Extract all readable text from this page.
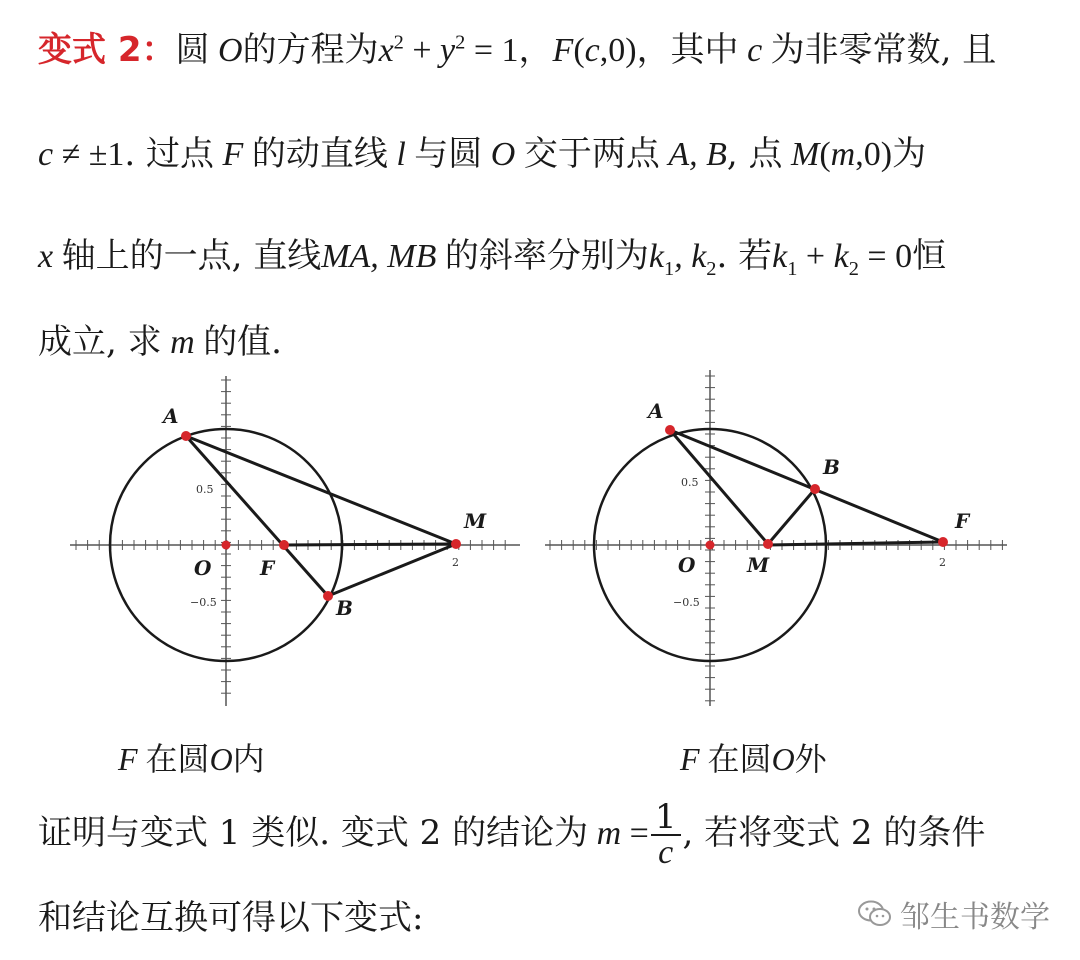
变式 2：圆 O的方程为$x^2 + y^2 = 1$，F(c,0)，其中 c 为非零常数, 且
c ≠ ±1. 过点 F 的动直线 l 与圆 O 交于两点 A, B, 点 M(m,0)为
x 轴上的一点, 直线MA, MB 的斜率分别为$k_1$, $k_2$. 若$k_1 + k_2 = 0$恒
成立, 求 m 的值.
A
B
F
M
O
0.5
−0.5
2
A
B
F
M
O
0.5
−0.5
2
F 在圆O内	F 在圆O外
证明与变式 1 类似. 变式 2 的结论为 $m = \frac{1}{c}$ , 若将变式 2 的条件
和结论互换可得以下变式:	邹生书数学
